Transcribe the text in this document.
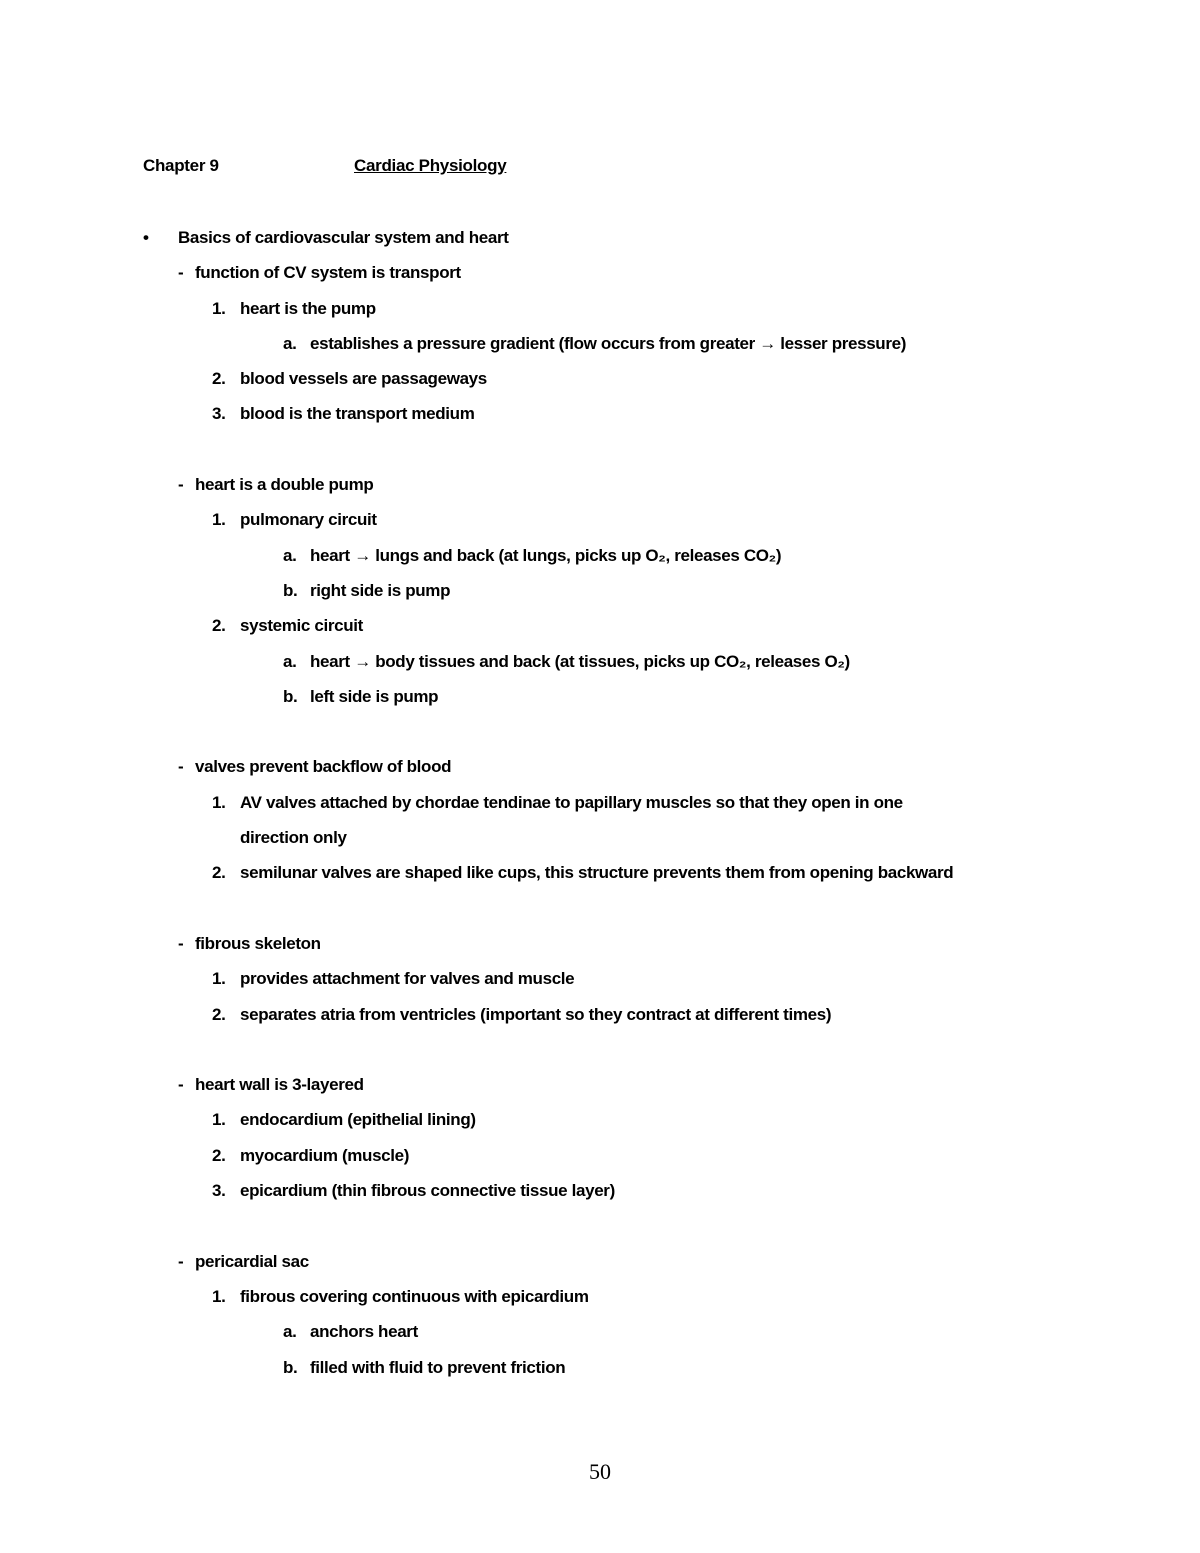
Chapter 9	Cardiac Physiology
• Basics of cardiovascular system and heart
- function of CV system is transport
1. heart is the pump
a. establishes a pressure gradient (flow occurs from greater → lesser pressure)
2. blood vessels are passageways
3. blood is the transport medium
- heart is a double pump
1. pulmonary circuit
a. heart → lungs and back (at lungs, picks up O₂, releases CO₂)
b. right side is pump
2. systemic circuit
a. heart → body tissues and back (at tissues, picks up CO₂, releases O₂)
b. left side is pump
- valves prevent backflow of blood
1. AV valves attached by chordae tendinae to papillary muscles so that they open in one
direction only
2. semilunar valves are shaped like cups, this structure prevents them from opening backward
- fibrous skeleton
1. provides attachment for valves and muscle
2. separates atria from ventricles (important so they contract at different times)
- heart wall is 3-layered
1. endocardium (epithelial lining)
2. myocardium (muscle)
3. epicardium (thin fibrous connective tissue layer)
- pericardial sac
1. fibrous covering continuous with epicardium
a. anchors heart
b. filled with fluid to prevent friction
50
